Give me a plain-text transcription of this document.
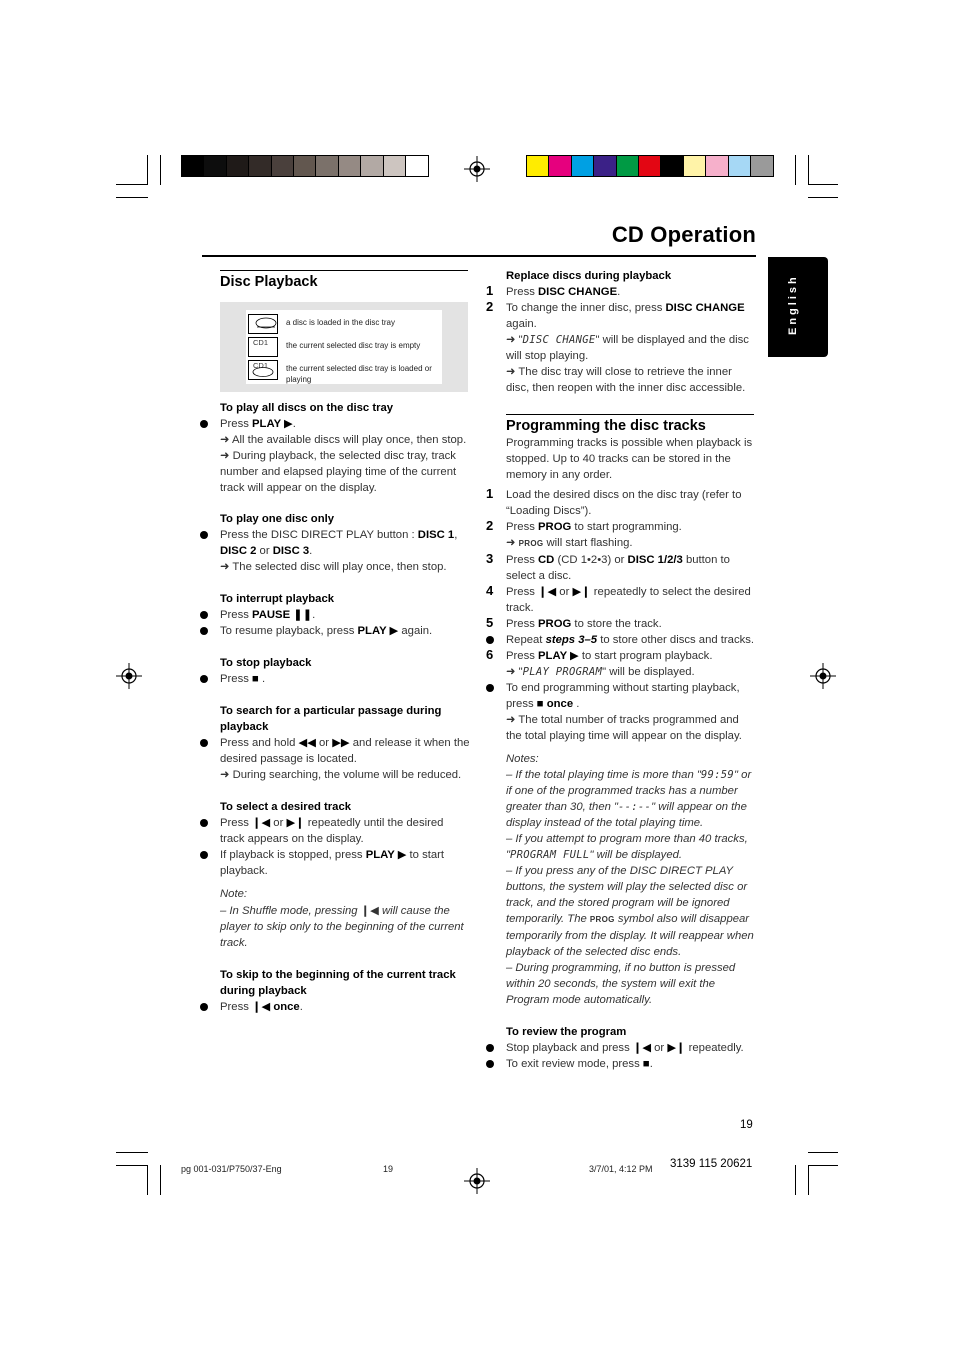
CD Operation
English
Disc Playback
a disc is loaded in the disc tray
CD1	the current selected disc tray is empty
CD1 the current selected disc tray is loaded or playing
To play all discs on the disc tray
Press PLAY ▶.
➜ All the available discs will play once, then stop.
➜ During playback, the selected disc tray, track number and elapsed playing time of the current track will appear on the display.
To play one disc only
Press the DISC DIRECT PLAY button : DISC 1, DISC 2 or DISC 3.
➜ The selected disc will play once, then stop.
To interrupt playback
Press PAUSE ❚❚.
To resume playback, press PLAY ▶ again.
To stop playback
Press ■ .
To search for a particular passage during playback
Press and hold ◀◀ or ▶▶ and release it when the desired passage is located.
➜ During searching, the volume will be reduced.
To select a desired track
Press ❙◀ or ▶❙ repeatedly until the desired track appears on the display.
If playback is stopped, press PLAY ▶ to start playback.
Note:
– In Shuffle mode, pressing ❙◀ will cause the player to skip only to the beginning of the current track.
To skip to the beginning of the current track during playback
Press ❙◀ once.
Replace discs during playback
1 Press DISC CHANGE.
2 To change the inner disc, press DISC CHANGE again.
➜ "DISC CHANGE" will be displayed and the disc will stop playing.
➜ The disc tray will close to retrieve the inner disc, then reopen with the inner disc accessible.
Programming the disc tracks
Programming tracks is possible when playback is stopped. Up to 40 tracks can be stored in the memory in any order.
1 Load the desired discs on the disc tray (refer to “Loading Discs”).
2 Press PROG to start programming.
➜ PROG will start flashing.
3 Press CD (CD 1•2•3) or DISC 1/2/3 button to select a disc.
4 Press ❙◀ or ▶❙ repeatedly to select the desired track.
5 Press PROG to store the track.
Repeat steps 3–5 to store other discs and tracks.
6 Press PLAY ▶ to start program playback.
➜ "PLAY PROGRAM" will be displayed.
To end programming without starting playback, press ■ once .
➜ The total number of tracks programmed and the total playing time will appear on the display.
Notes:
– If the total playing time is more than "99:59" or if one of the programmed tracks has a number greater than 30, then "--:--" will appear on the display instead of the total playing time.
– If you attempt to program more than 40 tracks, "PROGRAM FULL" will be displayed.
– If you press any of the DISC DIRECT PLAY buttons, the system will play the selected disc or track, and the stored program will be ignored temporarily. The PROG symbol also will disappear temporarily from the display. It will reappear when playback of the selected disc ends.
– During programming, if no button is pressed within 20 seconds, the system will exit the Program mode automatically.
To review the program
Stop playback and press ❙◀ or ▶❙ repeatedly.
To exit review mode, press ■.
19
pg 001-031/P750/37-Eng	19	3/7/01, 4:12 PM 3139 115 20621
